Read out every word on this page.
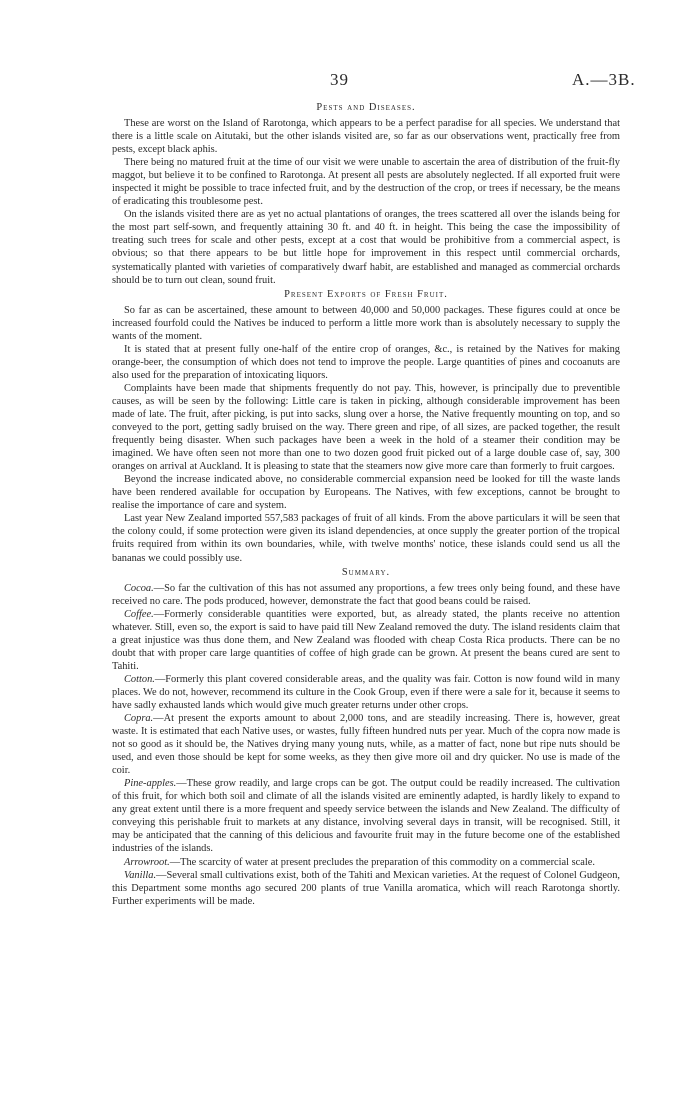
39	A.—3B.
Pests and Diseases.

These are worst on the Island of Rarotonga, which appears to be a perfect paradise for all species. We understand that there is a little scale on Aitutaki, but the other islands visited are, so far as our observations went, practically free from pests, except black aphis.

There being no matured fruit at the time of our visit we were unable to ascertain the area of distribution of the fruit-fly maggot, but believe it to be confined to Rarotonga. At present all pests are absolutely neglected. If all exported fruit were inspected it might be possible to trace infected fruit, and by the destruction of the crop, or trees if necessary, be the means of eradicating this troublesome pest.

On the islands visited there are as yet no actual plantations of oranges, the trees scattered all over the islands being for the most part self-sown, and frequently attaining 30 ft. and 40 ft. in height. This being the case the impossibility of treating such trees for scale and other pests, except at a cost that would be prohibitive from a commercial aspect, is obvious; so that there appears to be but little hope for improvement in this respect until commercial orchards, systematically planted with varieties of comparatively dwarf habit, are established and managed as commercial orchards should be to turn out clean, sound fruit.

Present Exports of Fresh Fruit.

So far as can be ascertained, these amount to between 40,000 and 50,000 packages. These figures could at once be increased fourfold could the Natives be induced to perform a little more work than is absolutely necessary to supply the wants of the moment.

It is stated that at present fully one-half of the entire crop of oranges, &c., is retained by the Natives for making orange-beer, the consumption of which does not tend to improve the people. Large quantities of pines and cocoanuts are also used for the preparation of intoxicating liquors.

Complaints have been made that shipments frequently do not pay. This, however, is principally due to preventible causes, as will be seen by the following: Little care is taken in picking, although considerable improvement has been made of late. The fruit, after picking, is put into sacks, slung over a horse, the Native frequently mounting on top, and so conveyed to the port, getting sadly bruised on the way. There green and ripe, of all sizes, are packed together, the result frequently being disaster. When such packages have been a week in the hold of a steamer their condition may be imagined. We have often seen not more than one to two dozen good fruit picked out of a large double case of, say, 300 oranges on arrival at Auckland. It is pleasing to state that the steamers now give more care than formerly to fruit cargoes.

Beyond the increase indicated above, no considerable commercial expansion need be looked for till the waste lands have been rendered available for occupation by Europeans. The Natives, with few exceptions, cannot be brought to realise the importance of care and system.

Last year New Zealand imported 557,583 packages of fruit of all kinds. From the above particulars it will be seen that the colony could, if some protection were given its island dependencies, at once supply the greater portion of the tropical fruits required from within its own boundaries, while, with twelve months' notice, these islands could send us all the bananas we could possibly use.

Summary.

Cocoa.—So far the cultivation of this has not assumed any proportions, a few trees only being found, and these have received no care. The pods produced, however, demonstrate the fact that good beans could be raised.

Coffee.—Formerly considerable quantities were exported, but, as already stated, the plants receive no attention whatever. Still, even so, the export is said to have paid till New Zealand removed the duty. The island residents claim that a great injustice was thus done them, and New Zealand was flooded with cheap Costa Rica products. There can be no doubt that with proper care large quantities of coffee of high grade can be grown. At present the beans cured are sent to Tahiti.

Cotton.—Formerly this plant covered considerable areas, and the quality was fair. Cotton is now found wild in many places. We do not, however, recommend its culture in the Cook Group, even if there were a sale for it, because it seems to have sadly exhausted lands which would give much greater returns under other crops.

Copra.—At present the exports amount to about 2,000 tons, and are steadily increasing. There is, however, great waste. It is estimated that each Native uses, or wastes, fully fifteen hundred nuts per year. Much of the copra now made is not so good as it should be, the Natives drying many young nuts, while, as a matter of fact, none but ripe nuts should be used, and even those should be kept for some weeks, as they then give more oil and dry quicker. No use is made of the coir.

Pine-apples.—These grow readily, and large crops can be got. The output could be readily increased. The cultivation of this fruit, for which both soil and climate of all the islands visited are eminently adapted, is hardly likely to expand to any great extent until there is a more frequent and speedy service between the islands and New Zealand. The difficulty of conveying this perishable fruit to markets at any distance, involving several days in transit, will be recognised. Still, it may be anticipated that the canning of this delicious and favourite fruit may in the future become one of the established industries of the islands.

Arrowroot.—The scarcity of water at present precludes the preparation of this commodity on a commercial scale.

Vanilla.—Several small cultivations exist, both of the Tahiti and Mexican varieties. At the request of Colonel Gudgeon, this Department some months ago secured 200 plants of true Vanilla aromatica, which will reach Rarotonga shortly. Further experiments will be made.
